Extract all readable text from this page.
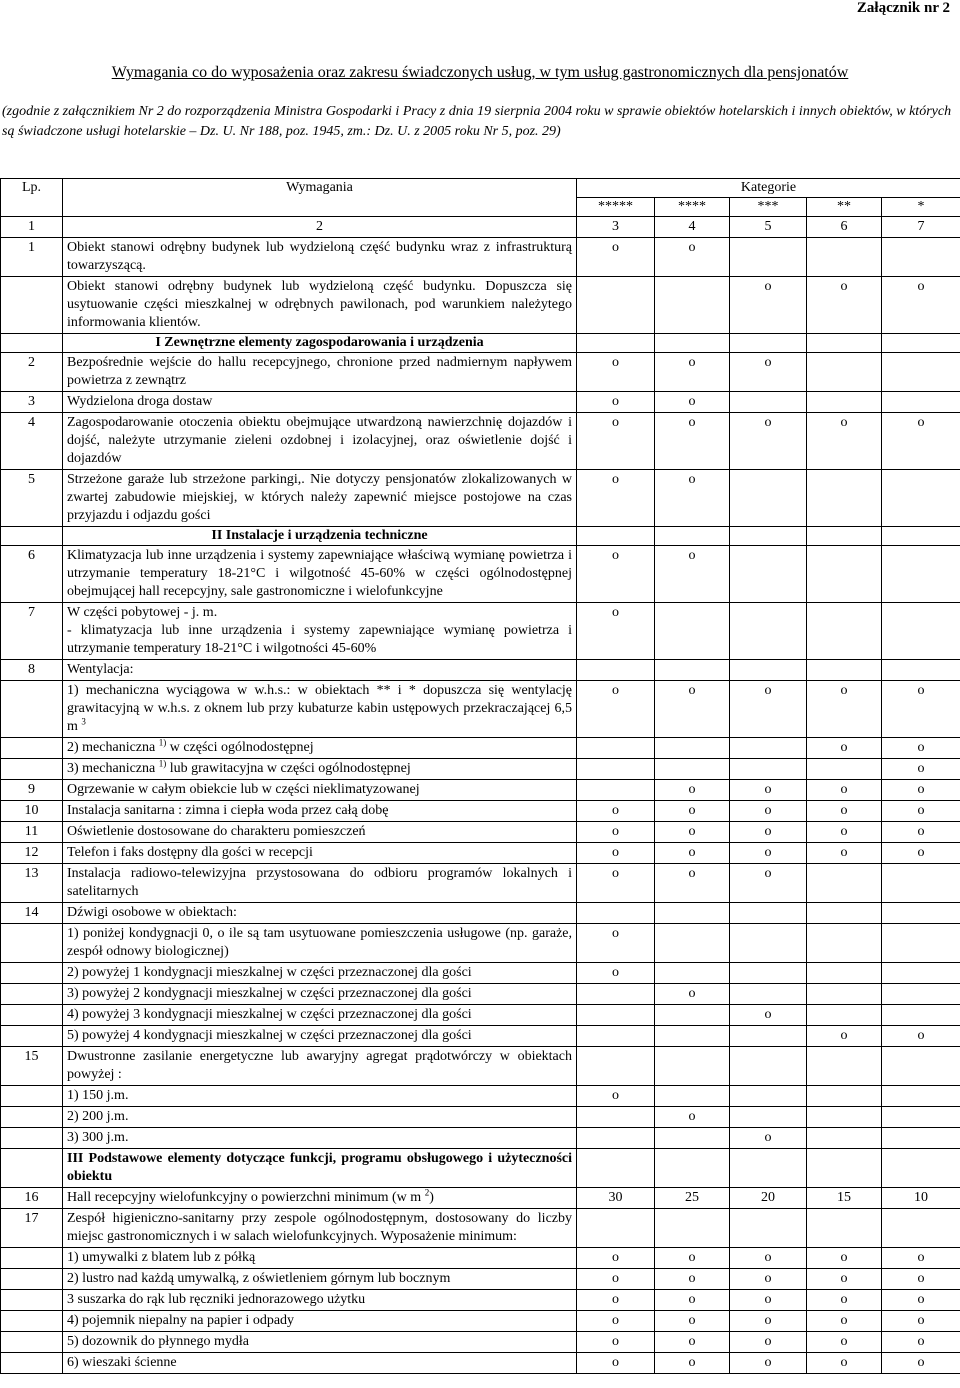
Załącznik nr 2
Wymagania co do wyposażenia oraz zakresu świadczonych usług, w tym usług gastronomicznych dla pensjonatów
(zgodnie z załącznikiem Nr 2 do rozporządzenia Ministra Gospodarki i Pracy z dnia 19 sierpnia 2004 roku w sprawie obiektów hotelarskich i innych obiektów, w których są świadczone usługi hotelarskie – Dz. U. Nr 188, poz. 1945, zm.: Dz. U. z 2005 roku Nr 5, poz. 29)
Lp.	Wymagania	Kategorie				
		*****	****	***	**	*
1	2	3	4	5	6	7
1	Obiekt stanowi odrębny budynek lub wydzieloną część budynku wraz z infrastrukturą towarzyszącą.	o	o			
	Obiekt stanowi odrębny budynek lub wydzieloną część budynku. Dopuszcza się usytuowanie części mieszkalnej w odrębnych pawilonach, pod warunkiem należytego informowania klientów.			o	o	o
	I Zewnętrzne elementy zagospodarowania i urządzenia					
2	Bezpośrednie wejście do hallu recepcyjnego, chronione przed nadmiernym napływem powietrza z zewnątrz	o	o	o		
3	Wydzielona droga dostaw	o	o			
4	Zagospodarowanie otoczenia obiektu obejmujące utwardzoną nawierzchnię dojazdów i dojść, należyte utrzymanie zieleni ozdobnej i izolacyjnej, oraz oświetlenie dojść i dojazdów	o	o	o	o	o
5	Strzeżone garaże lub strzeżone parkingi,. Nie dotyczy pensjonatów zlokalizowanych w zwartej zabudowie miejskiej, w których należy zapewnić miejsce postojowe na czas przyjazdu i odjazdu gości	o	o			
	II Instalacje i urządzenia techniczne					
6	Klimatyzacja lub inne urządzenia i systemy zapewniające właściwą wymianę powietrza i utrzymanie temperatury 18-21°C i wilgotność 45-60% w części ogólnodostępnej obejmującej hall recepcyjny, sale gastronomiczne i wielofunkcyjne	o	o			
7	W części pobytowej - j. m.
- klimatyzacja lub inne urządzenia i systemy zapewniające wymianę powietrza i utrzymanie temperatury 18-21°C i wilgotności 45-60%	o				
8	Wentylacja:					
	1) mechaniczna wyciągowa w w.h.s.: w obiektach ** i * dopuszcza się wentylację grawitacyjną w w.h.s. z oknem lub przy kubaturze kabin ustępowych przekraczającej 6,5 m $^3$	o	o	o	o	o
	2) mechaniczna $^{1)}$ w części ogólnodostępnej				o	o
	3) mechaniczna $^{1)}$ lub grawitacyjna w części ogólnodostępnej					o
9	Ogrzewanie w całym obiekcie lub w części nieklimatyzowanej		o	o	o	o
10	Instalacja sanitarna : zimna i ciepła woda przez całą dobę	o	o	o	o	o
11	Oświetlenie dostosowane do charakteru pomieszczeń	o	o	o	o	o
12	Telefon i faks dostępny dla gości w recepcji	o	o	o	o	o
13	Instalacja radiowo-telewizyjna przystosowana do odbioru programów lokalnych i satelitarnych	o	o	o		
14	Dźwigi osobowe w obiektach:					
	1) poniżej kondygnacji 0, o ile są tam usytuowane pomieszczenia usługowe (np. garaże, zespół odnowy biologicznej)	o				
	2) powyżej 1 kondygnacji mieszkalnej w części przeznaczonej dla gości	o				
	3) powyżej 2 kondygnacji mieszkalnej w części przeznaczonej dla gości		o			
	4) powyżej 3 kondygnacji mieszkalnej w części przeznaczonej dla gości			o		
	5) powyżej 4 kondygnacji mieszkalnej w części przeznaczonej dla gości				o	o
15	Dwustronne zasilanie energetyczne lub awaryjny agregat prądotwórczy w obiektach powyżej :					
	1) 150 j.m.	o				
	2) 200 j.m.		o			
	3) 300 j.m.			o		
	III Podstawowe elementy dotyczące funkcji, programu obsługowego i użyteczności obiektu					
16	Hall recepcyjny wielofunkcyjny o powierzchni minimum (w m $^2$)	30	25	20	15	10
17	Zespół higieniczno-sanitarny przy zespole ogólnodostępnym, dostosowany do liczby miejsc gastronomicznych i w salach wielofunkcyjnych. Wyposażenie minimum:					
	1) umywalki z blatem lub z półką	o	o	o	o	o
	2) lustro nad każdą umywalką, z oświetleniem górnym lub bocznym	o	o	o	o	o
	3 suszarka do rąk lub ręczniki jednorazowego użytku	o	o	o	o	o
	4) pojemnik niepalny na papier i odpady	o	o	o	o	o
	5) dozownik do płynnego mydła	o	o	o	o	o
	6) wieszaki ścienne	o	o	o	o	o
